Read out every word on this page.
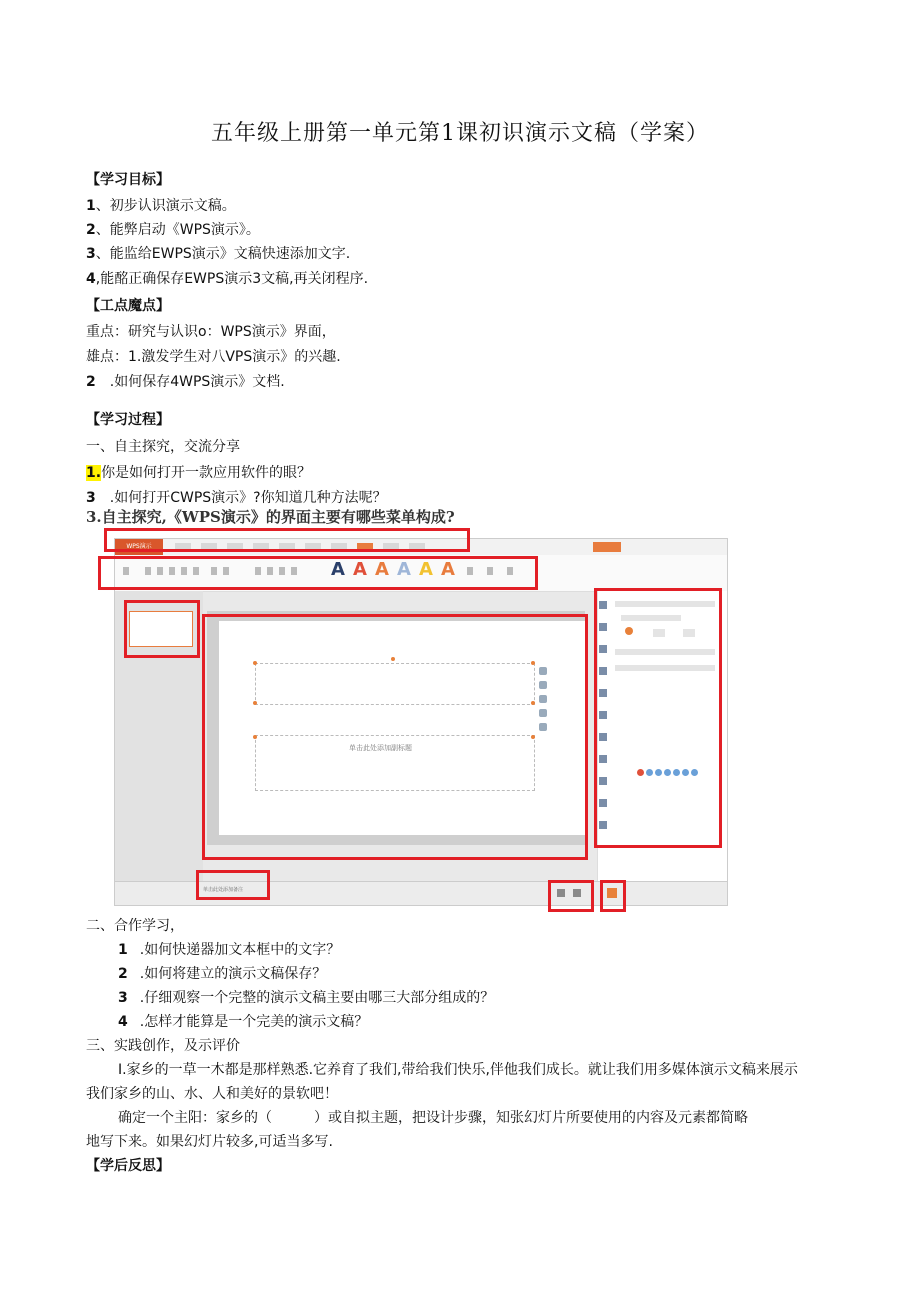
五年级上册第一单元第1课初识演示文稿（学案）
【学习目标】
1、初步认识演示文稿。
2、能弊启动《WPS演示》。
3、能监给EWPS演示》文稿快速添加文字.
4,能酩正确保存EWPS演示3文稿,再关闭程序.
【工点魔点】
重点：研究与认识o：WPS演示》界面，
雄点：1.激发学生对八VPS演示》的兴趣.
2 .如何保存4WPS演示》文档.
【学习过程】
一、自主探究，交流分享
1.你是如何打开一款应用软件的眼？
3 .如何打开CWPS演示》?你知道几种方法呢？
3.自主探究,《WPS演示》的界面主要有哪些菜单构成?
WPS演示
A A A A A A
单击此处添加副标题
单击此处添加备注
二、合作学习，
1 .如何快递器加文本框中的文字？
2 .如何将建立的演示文稿保存？
3 .仔细观察一个完整的演示文稿主要由哪三大部分组成的？
4 .怎样才能算是一个完美的演示文稿？
三、实践创作，及示评价
I.家乡的一草一木都是那样熟悉.它养育了我们,带给我们快乐,伴他我们成长。就让我们用多媒体演示文稿来展示
我们家乡的山、水、人和美好的景软吧！
确定一个主阳：家乡的（　　　）或自拟主题，把设计步骤，知张幻灯片所要使用的内容及元素都简略
地写下来。如果幻灯片较多,可适当多写.
【学后反思】
